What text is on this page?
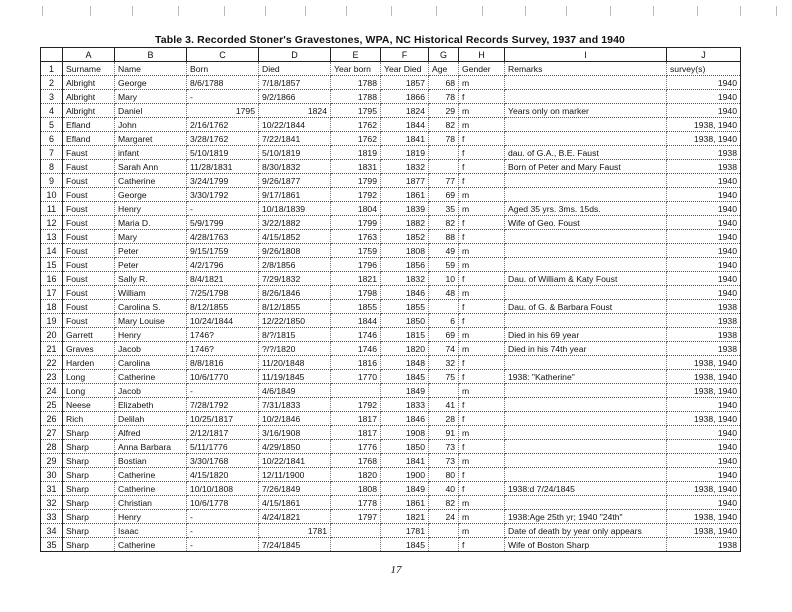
Table 3. Recorded Stoner's Gravestones, WPA, NC Historical Records Survey, 1937 and 1940
	A	B	C	D	E	F	G	H	I	J
1	Surname	Name	Born	Died	Year born	Year Died	Age	Gender	Remarks	survey(s)
2	Albright	George	8/6/1788	7/18/1857	1788	1857	68	m		1940
3	Albright	Mary	-	9/2/1866	1788	1866	78	f		1940
4	Albright	Daniel	1795	1824	1795	1824	29	m	Years only on marker	1940
5	Efland	John	2/16/1762	10/22/1844	1762	1844	82	m		1938, 1940
6	Efland	Margaret	3/28/1762	7/22/1841	1762	1841	78	f		1938, 1940
7	Faust	infant	5/10/1819	5/10/1819	1819	1819		f	dau. of G.A., B.E. Faust	1938
8	Faust	Sarah Ann	11/28/1831	8/30/1832	1831	1832		f	Born of Peter and Mary Faust	1938
9	Foust	Catherine	3/24/1799	9/26/1877	1799	1877	77	f		1940
10	Foust	George	3/30/1792	9/17/1861	1792	1861	69	m		1940
11	Foust	Henry	-	10/18/1839	1804	1839	35	m	Aged 35 yrs. 3ms. 15ds.	1940
12	Foust	Maria D.	5/9/1799	3/22/1882	1799	1882	82	f	Wife of Geo. Foust	1940
13	Foust	Mary	4/28/1763	4/15/1852	1763	1852	88	f		1940
14	Foust	Peter	9/15/1759	9/26/1808	1759	1808	49	m		1940
15	Foust	Peter	4/2/1796	2/8/1856	1796	1856	59	m		1940
16	Foust	Sally R.	8/4/1821	7/29/1832	1821	1832	10	f	Dau. of William & Katy Foust	1940
17	Foust	William	7/25/1798	8/26/1846	1798	1846	48	m		1940
18	Foust	Carolina S.	8/12/1855	8/12/1855	1855	1855		f	Dau. of G. & Barbara Foust	1938
19	Foust	Mary Louise	10/24/1844	12/22/1850	1844	1850	6	f		1938
20	Garrett	Henry	1746?	8/?/1815	1746	1815	69	m	Died in his 69 year	1938
21	Graves	Jacob	1746?	?/?/1820	1746	1820	74	m	Died in his 74th year	1938
22	Harden	Carolina	8/8/1816	11/20/1848	1816	1848	32	f		1938, 1940
23	Long	Catherine	10/6/1770	11/19/1845	1770	1845	75	f	1938: "Katherine"	1938, 1940
24	Long	Jacob	-	4/6/1849		1849		m		1938, 1940
25	Neese	Elizabeth	7/28/1792	7/31/1833	1792	1833	41	f		1940
26	Rich	Delilah	10/25/1817	10/2/1846	1817	1846	28	f		1938, 1940
27	Sharp	Alfred	2/12/1817	3/16/1908	1817	1908	91	m		1940
28	Sharp	Anna Barbara	5/11/1776	4/29/1850	1776	1850	73	f		1940
29	Sharp	Bostian	3/30/1768	10/22/1841	1768	1841	73	m		1940
30	Sharp	Catherine	4/15/1820	12/11/1900	1820	1900	80	f		1940
31	Sharp	Catherine	10/10/1808	7/26/1849	1808	1849	40	f	1938:d 7/24/1845	1938, 1940
32	Sharp	Christian	10/6/1778	4/15/1861	1778	1861	82	m		1940
33	Sharp	Henry	-	4/24/1821	1797	1821	24	m	1938:Age 25th yr; 1940 "24th"	1938, 1940
34	Sharp	Isaac	-	1781		1781		m	Date of death by year only appears	1938, 1940
35	Sharp	Catherine	-	7/24/1845		1845		f	Wife of Boston Sharp	1938
17
